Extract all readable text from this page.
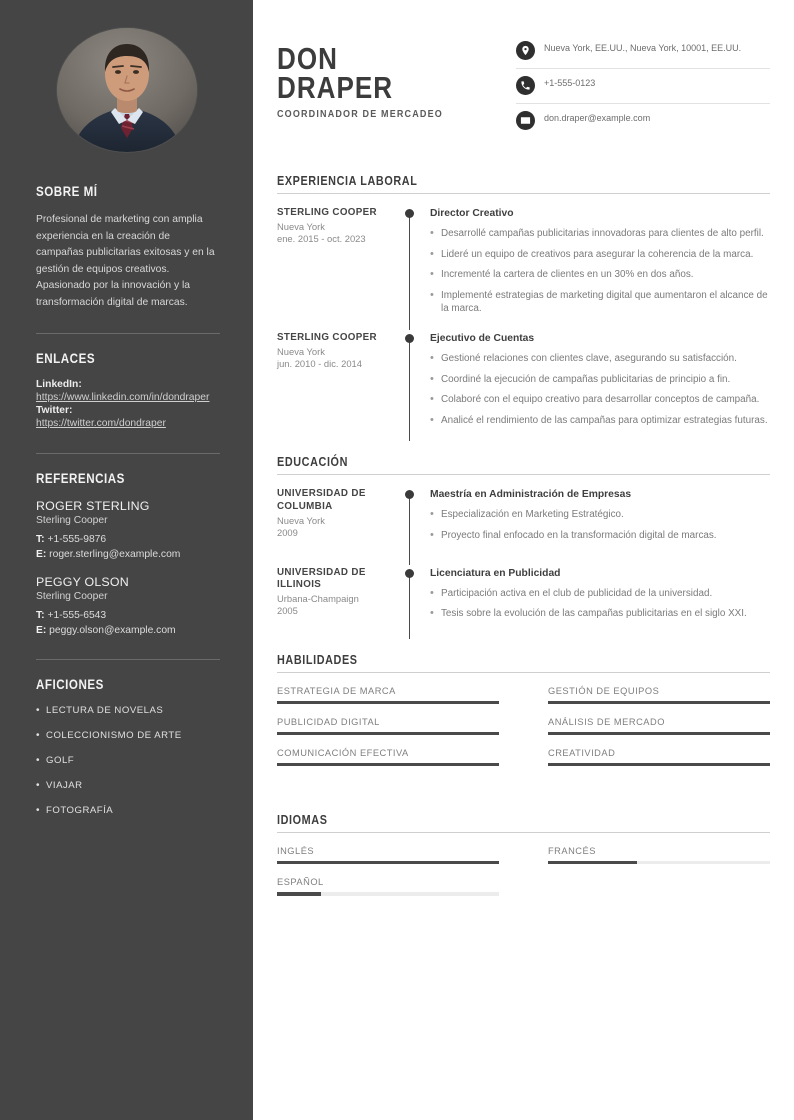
SOBRE MÍ

Profesional de marketing con amplia experiencia en la creación de campañas publicitarias exitosas y en la gestión de equipos creativos. Apasionado por la innovación y la transformación digital de marcas.

ENLACES
LinkedIn:
https://www.linkedin.com/in/dondraper
Twitter:
https://twitter.com/dondraper
REFERENCIAS
ROGER STERLING
Sterling Cooper
T: +1-555-9876
E: roger.sterling@example.com
PEGGY OLSON
Sterling Cooper
T: +1-555-6543
E: peggy.olson@example.com
AFICIONES
• LECTURA DE NOVELAS
• COLECCIONISMO DE ARTE
• GOLF
• VIAJAR
• FOTOGRAFÍA
DON
DRAPER
COORDINADOR DE MERCADEO
Nueva York, EE.UU., Nueva York, 10001, EE.UU.
+1-555-0123
don.draper@example.com
EXPERIENCIA LABORAL
STERLING COOPER
Nueva York
ene. 2015 - oct. 2023
Director Creativo
• Desarrollé campañas publicitarias innovadoras para clientes de alto perfil.
• Lideré un equipo de creativos para asegurar la coherencia de la marca.
• Incrementé la cartera de clientes en un 30% en dos años.
• Implementé estrategias de marketing digital que aumentaron el alcance de la marca.
STERLING COOPER
Nueva York
jun. 2010 - dic. 2014
Ejecutivo de Cuentas
• Gestioné relaciones con clientes clave, asegurando su satisfacción.
• Coordiné la ejecución de campañas publicitarias de principio a fin.
• Colaboré con el equipo creativo para desarrollar conceptos de campaña.
• Analicé el rendimiento de las campañas para optimizar estrategias futuras.
EDUCACIÓN
UNIVERSIDAD DE COLUMBIA
Nueva York
2009
Maestría en Administración de Empresas
• Especialización en Marketing Estratégico.
• Proyecto final enfocado en la transformación digital de marcas.
UNIVERSIDAD DE ILLINOIS
Urbana-Champaign
2005
Licenciatura en Publicidad
• Participación activa en el club de publicidad de la universidad.
• Tesis sobre la evolución de las campañas publicitarias en el siglo XXI.
HABILIDADES
ESTRATEGIA DE MARCA	GESTIÓN DE EQUIPOS
PUBLICIDAD DIGITAL	ANÁLISIS DE MERCADO
COMUNICACIÓN EFECTIVA	CREATIVIDAD
IDIOMAS
INGLÉS	FRANCÉS
ESPAÑOL
